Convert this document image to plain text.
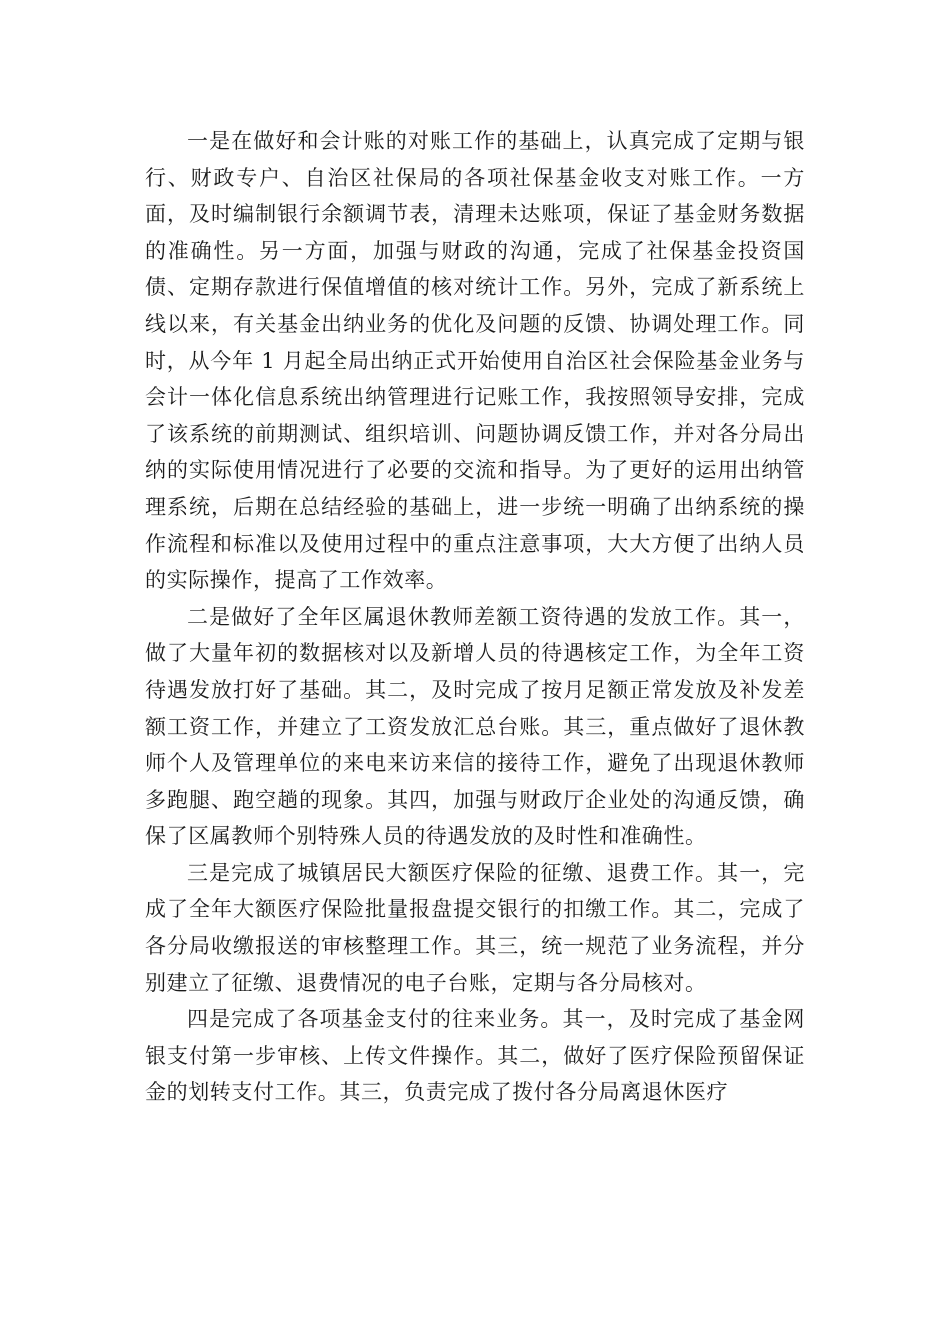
一是在做好和会计账的对账工作的基础上，认真完成了定期与银行、财政专户、自治区社保局的各项社保基金收支对账工作。一方面，及时编制银行余额调节表，清理未达账项，保证了基金财务数据的准确性。另一方面，加强与财政的沟通，完成了社保基金投资国债、定期存款进行保值增值的核对统计工作。另外，完成了新系统上线以来，有关基金出纳业务的优化及问题的反馈、协调处理工作。同时，从今年 1 月起全局出纳正式开始使用自治区社会保险基金业务与会计一体化信息系统出纳管理进行记账工作，我按照领导安排，完成了该系统的前期测试、组织培训、问题协调反馈工作，并对各分局出纳的实际使用情况进行了必要的交流和指导。为了更好的运用出纳管理系统，后期在总结经验的基础上，进一步统一明确了出纳系统的操作流程和标准以及使用过程中的重点注意事项，大大方便了出纳人员的实际操作，提高了工作效率。

二是做好了全年区属退休教师差额工资待遇的发放工作。其一，做了大量年初的数据核对以及新增人员的待遇核定工作，为全年工资待遇发放打好了基础。其二，及时完成了按月足额正常发放及补发差额工资工作，并建立了工资发放汇总台账。其三，重点做好了退休教师个人及管理单位的来电来访来信的接待工作，避免了出现退休教师多跑腿、跑空趟的现象。其四，加强与财政厅企业处的沟通反馈，确保了区属教师个别特殊人员的待遇发放的及时性和准确性。

三是完成了城镇居民大额医疗保险的征缴、退费工作。其一，完成了全年大额医疗保险批量报盘提交银行的扣缴工作。其二，完成了各分局收缴报送的审核整理工作。其三，统一规范了业务流程，并分别建立了征缴、退费情况的电子台账，定期与各分局核对。

四是完成了各项基金支付的往来业务。其一，及时完成了基金网银支付第一步审核、上传文件操作。其二，做好了医疗保险预留保证金的划转支付工作。其三，负责完成了拨付各分局离退休医疗
